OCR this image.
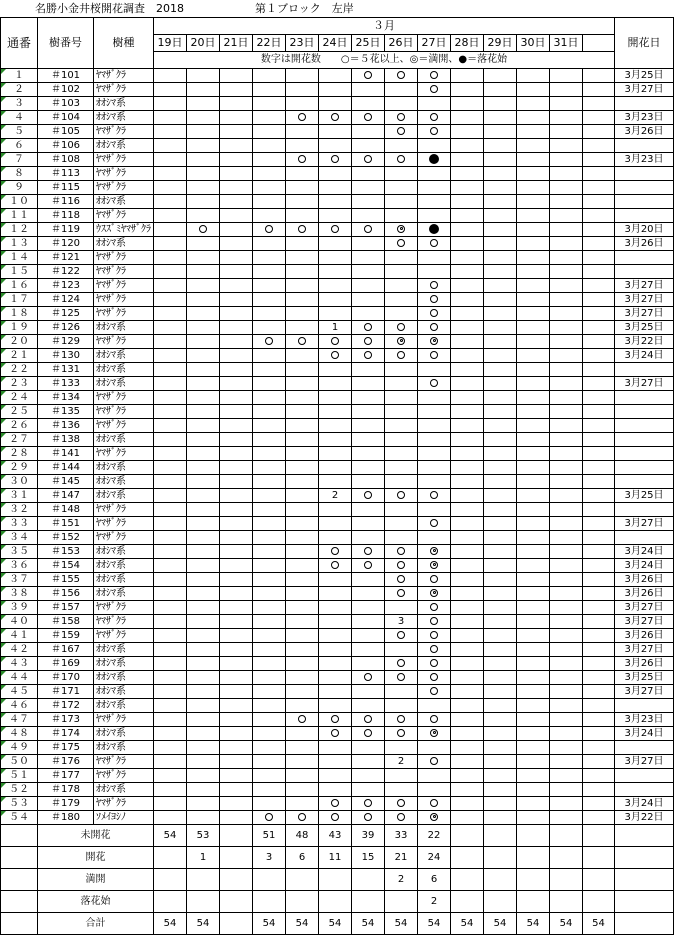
名勝小金井桜開花調査　2018	第１ブロック　左岸
通番	樹番号	樹種	３月														開花日
			19日	20日	21日	22日	23日	24日	25日	26日	27日	28日	29日	30日	31日		
			数字は開花数　　○＝５花以上、◎＝満開、●＝落花始														
１	＃101	ﾔﾏｻﾞｸﾗ															3月25日
２	＃102	ﾔﾏｻﾞｸﾗ															3月27日
３	＃103	ｵｵｼﾏ系															
４	＃104	ｵｵｼﾏ系															3月23日
５	＃105	ﾔﾏｻﾞｸﾗ															3月26日
６	＃106	ｵｵｼﾏ系															
７	＃108	ﾔﾏｻﾞｸﾗ															3月23日
８	＃113	ﾔﾏｻﾞｸﾗ															
９	＃115	ﾔﾏｻﾞｸﾗ															
１０	＃116	ｵｵｼﾏ系															
１１	＃118	ﾔﾏｻﾞｸﾗ															
１２	＃119	ｳｽｽﾞﾐﾔﾏｻﾞｸﾗ															3月20日
１３	＃120	ｵｵｼﾏ系															3月26日
１４	＃121	ﾔﾏｻﾞｸﾗ															
１５	＃122	ﾔﾏｻﾞｸﾗ															
１６	＃123	ﾔﾏｻﾞｸﾗ															3月27日
１７	＃124	ﾔﾏｻﾞｸﾗ															3月27日
１８	＃125	ﾔﾏｻﾞｸﾗ															3月27日
１９	＃126	ｵｵｼﾏ系						1									3月25日
２０	＃129	ﾔﾏｻﾞｸﾗ															3月22日
２１	＃130	ｵｵｼﾏ系															3月24日
２２	＃131	ｵｵｼﾏ系															
２３	＃133	ｵｵｼﾏ系															3月27日
２４	＃134	ﾔﾏｻﾞｸﾗ															
２５	＃135	ﾔﾏｻﾞｸﾗ															
２６	＃136	ﾔﾏｻﾞｸﾗ															
２７	＃138	ｵｵｼﾏ系															
２８	＃141	ﾔﾏｻﾞｸﾗ															
２９	＃144	ｵｵｼﾏ系															
３０	＃145	ｵｵｼﾏ系															
３１	＃147	ｵｵｼﾏ系						2									3月25日
３２	＃148	ﾔﾏｻﾞｸﾗ															
３３	＃151	ﾔﾏｻﾞｸﾗ															3月27日
３４	＃152	ﾔﾏｻﾞｸﾗ															
３５	＃153	ｵｵｼﾏ系															3月24日
３６	＃154	ｵｵｼﾏ系															3月24日
３７	＃155	ｵｵｼﾏ系															3月26日
３８	＃156	ｵｵｼﾏ系															3月26日
３９	＃157	ﾔﾏｻﾞｸﾗ															3月27日
４０	＃158	ﾔﾏｻﾞｸﾗ								3							3月27日
４１	＃159	ﾔﾏｻﾞｸﾗ															3月26日
４２	＃167	ｵｵｼﾏ系															3月27日
４３	＃169	ｵｵｼﾏ系															3月26日
４４	＃170	ｵｵｼﾏ系															3月25日
４５	＃171	ｵｵｼﾏ系															3月27日
４６	＃172	ｵｵｼﾏ系															
４７	＃173	ﾔﾏｻﾞｸﾗ															3月23日
４８	＃174	ｵｵｼﾏ系															3月24日
４９	＃175	ｵｵｼﾏ系															
５０	＃176	ﾔﾏｻﾞｸﾗ								2							3月27日
５１	＃177	ﾔﾏｻﾞｸﾗ															
５２	＃178	ｵｵｼﾏ系															
５３	＃179	ﾔﾏｻﾞｸﾗ															3月24日
５４	＃180	ｿﾒｲﾖｼﾉ															3月22日
	未開花		54	53		51	48	43	39	33	22						
	開花			1		3	6	11	15	21	24						
	満開									2	6						
	落花始										2						
	合計		54	54		54	54	54	54	54	54	54	54	54	54	54	
